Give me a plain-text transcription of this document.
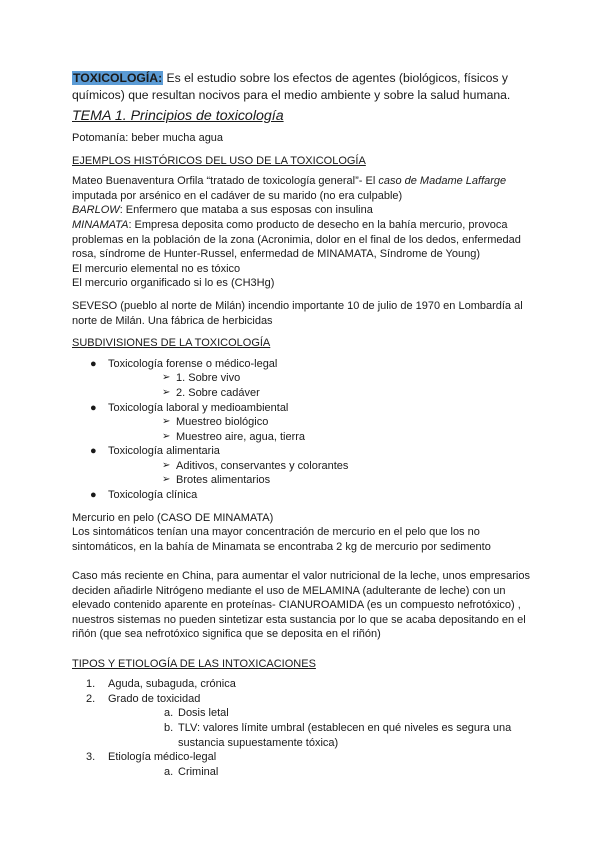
TOXICOLOGÍA: Es el estudio sobre los efectos de agentes (biológicos, físicos y químicos) que resultan nocivos para el medio ambiente y sobre la salud humana.

TEMA 1. Principios de toxicología

Potomanía: beber mucha agua

EJEMPLOS HISTÓRICOS DEL USO DE LA TOXICOLOGÍA

Mateo Buenaventura Orfila “tratado de toxicología general”- El caso de Madame Laffarge imputada por arsénico en el cadáver de su marido (no era culpable)

BARLOW: Enfermero que mataba a sus esposas con insulina

MINAMATA: Empresa deposita como producto de desecho en la bahía mercurio, provoca problemas en la población de la zona (Acronimia, dolor en el final de los dedos, enfermedad rosa, síndrome de Hunter-Russel, enfermedad de MINAMATA, Síndrome de Young)

El mercurio elemental no es tóxico

El mercurio organificado si lo es (CH3Hg)

SEVESO (pueblo al norte de Milán) incendio importante 10 de julio de 1970 en Lombardía al norte de Milán. Una fábrica de herbicidas

SUBDIVISIONES DE LA TOXICOLOGÍA

● Toxicología forense o médico-legal
➢ 1. Sobre vivo
➢ 2. Sobre cadáver
● Toxicología laboral y medioambiental
➢ Muestreo biológico
➢ Muestreo aire, agua, tierra
● Toxicología alimentaria
➢ Aditivos, conservantes y colorantes
➢ Brotes alimentarios
● Toxicología clínica

Mercurio en pelo (CASO DE MINAMATA)

Los sintomáticos tenían una mayor concentración de mercurio en el pelo que los no sintomáticos, en la bahía de Minamata se encontraba 2 kg de mercurio por sedimento

Caso más reciente en China, para aumentar el valor nutricional de la leche, unos empresarios deciden añadirle Nitrógeno mediante el uso de MELAMINA (adulterante de leche) con un elevado contenido aparente en proteínas- CIANUROAMIDA (es un compuesto nefrotóxico) , nuestros sistemas no pueden sintetizar esta sustancia por lo que se acaba depositando en el riñón (que sea nefrotóxico significa que se deposita en el riñón)

TIPOS Y ETIOLOGÍA DE LAS INTOXICACIONES

1. Aguda, subaguda, crónica
2. Grado de toxicidad
a. Dosis letal
b. TLV: valores límite umbral (establecen en qué niveles es segura una sustancia supuestamente tóxica)
3. Etiología médico-legal
a. Criminal
